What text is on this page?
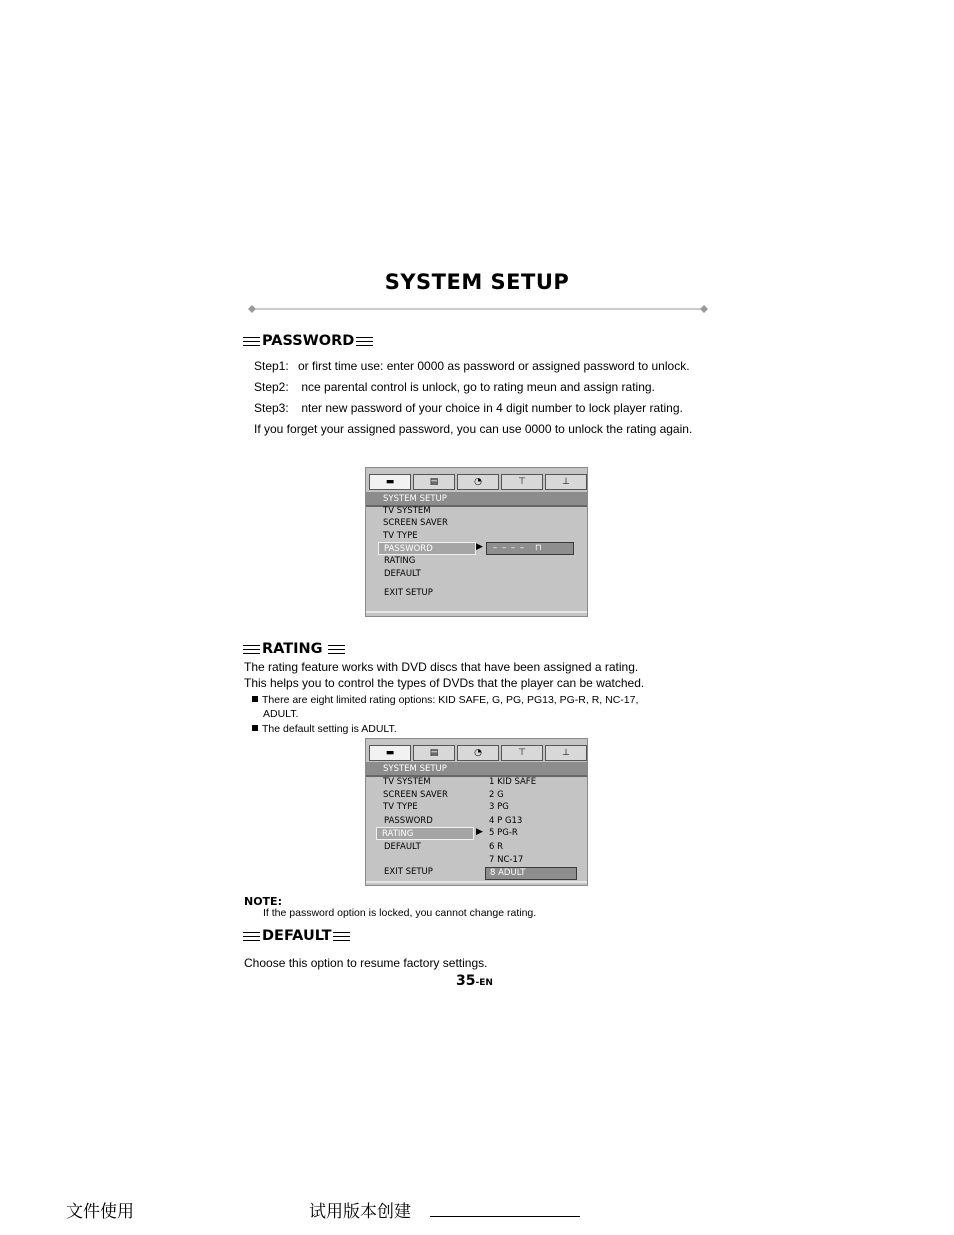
SYSTEM SETUP
PASSWORD
Step1: or first time use: enter 0000 as password or assigned password to unlock.
Step2: nce parental control is unlock, go to rating meun and assign rating.
Step3: nter new password of your choice in 4 digit number to lock player rating.
If you forget your assigned password, you can use 0000 to unlock the rating again.
▬	▤	◔	⊤	⊥
SYSTEM SETUP
TV SYSTEM
SCREEN SAVER
TV TYPE
PASSWORD	▶ – – – – ⊓
RATING
DEFAULT
EXIT SETUP
RATING
The rating feature works with DVD discs that have been assigned a rating.
This helps you to control the types of DVDs that the player can be watched.
There are eight limited rating options: KID SAFE, G, PG, PG13, PG-R, R, NC-17,
ADULT.
The default setting is ADULT.
▬	▤	◔	⊤	⊥
SYSTEM SETUP
TV SYSTEM
SCREEN SAVER
TV TYPE
PASSWORD
RATING	▶
DEFAULT
EXIT SETUP
1 KID SAFE
2 G
3 PG
4 P G13
5 PG-R
6 R
7 NC-17
8 ADULT
NOTE:
If the password option is locked, you cannot change rating.
DEFAULT
Choose this option to resume factory settings.
35-EN
文件使用	试用版本创建
